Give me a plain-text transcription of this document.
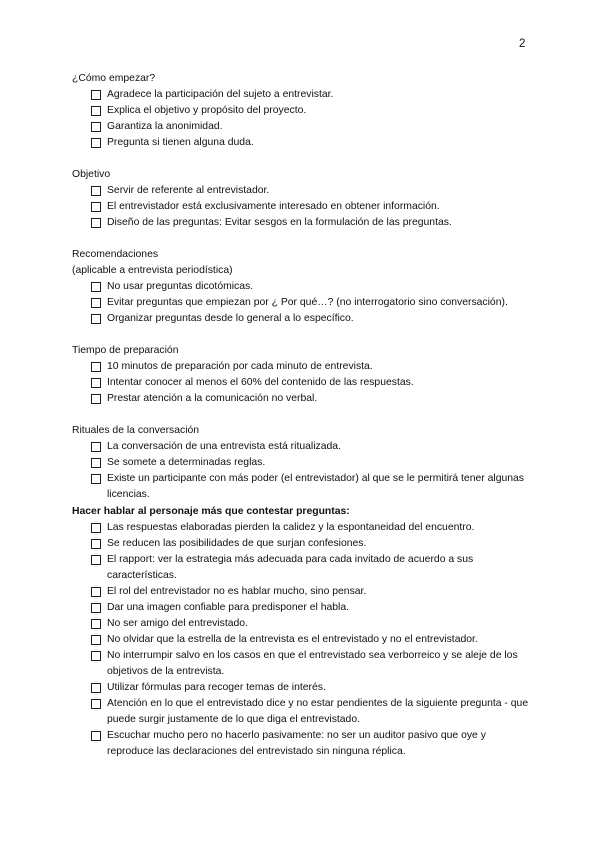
2

¿Cómo empezar?

Agradece la participación del sujeto a entrevistar.
Explica el objetivo y propósito del proyecto.
Garantiza la anonimidad.
Pregunta si tienen alguna duda.

Objetivo

Servir de referente al entrevistador.
El entrevistador está exclusivamente interesado en obtener información.
Diseño de las preguntas: Evitar sesgos en la formulación de las preguntas.

Recomendaciones

(aplicable a entrevista periodística)

No usar preguntas dicotómicas.
Evitar preguntas que empiezan por ¿ Por qué…? (no interrogatorio sino conversación).
Organizar preguntas desde lo general a lo específico.

Tiempo de preparación

10 minutos de preparación por cada minuto de entrevista.
Intentar conocer al menos el 60% del contenido de las respuestas.
Prestar atención a la comunicación no verbal.

Rituales de la conversación

La conversación de una entrevista está ritualizada.
Se somete a determinadas reglas.
Existe un participante con más poder (el entrevistador) al que se le permitirá tener algunas licencias.

Hacer hablar al personaje más que contestar preguntas:

Las respuestas elaboradas pierden la calidez y la espontaneidad del encuentro.
Se reducen las posibilidades de que surjan confesiones.
El rapport: ver la estrategia más adecuada para cada invitado de acuerdo a sus características.
El rol del entrevistador no es hablar mucho, sino pensar.
Dar una imagen confiable para predisponer el habla.
No ser amigo del entrevistado.
No olvidar que la estrella de la entrevista es el entrevistado y no el entrevistador.
No interrumpir salvo en los casos en que el entrevistado sea verborreico y se aleje de los objetivos de la entrevista.
Utilizar fórmulas para recoger temas de interés.
Atención en lo que el entrevistado dice y no estar pendientes de la siguiente pregunta - que puede surgir justamente de lo que diga el entrevistado.
Escuchar mucho pero no hacerlo pasivamente: no ser un auditor pasivo que oye y reproduce las declaraciones del entrevistado sin ninguna réplica.
